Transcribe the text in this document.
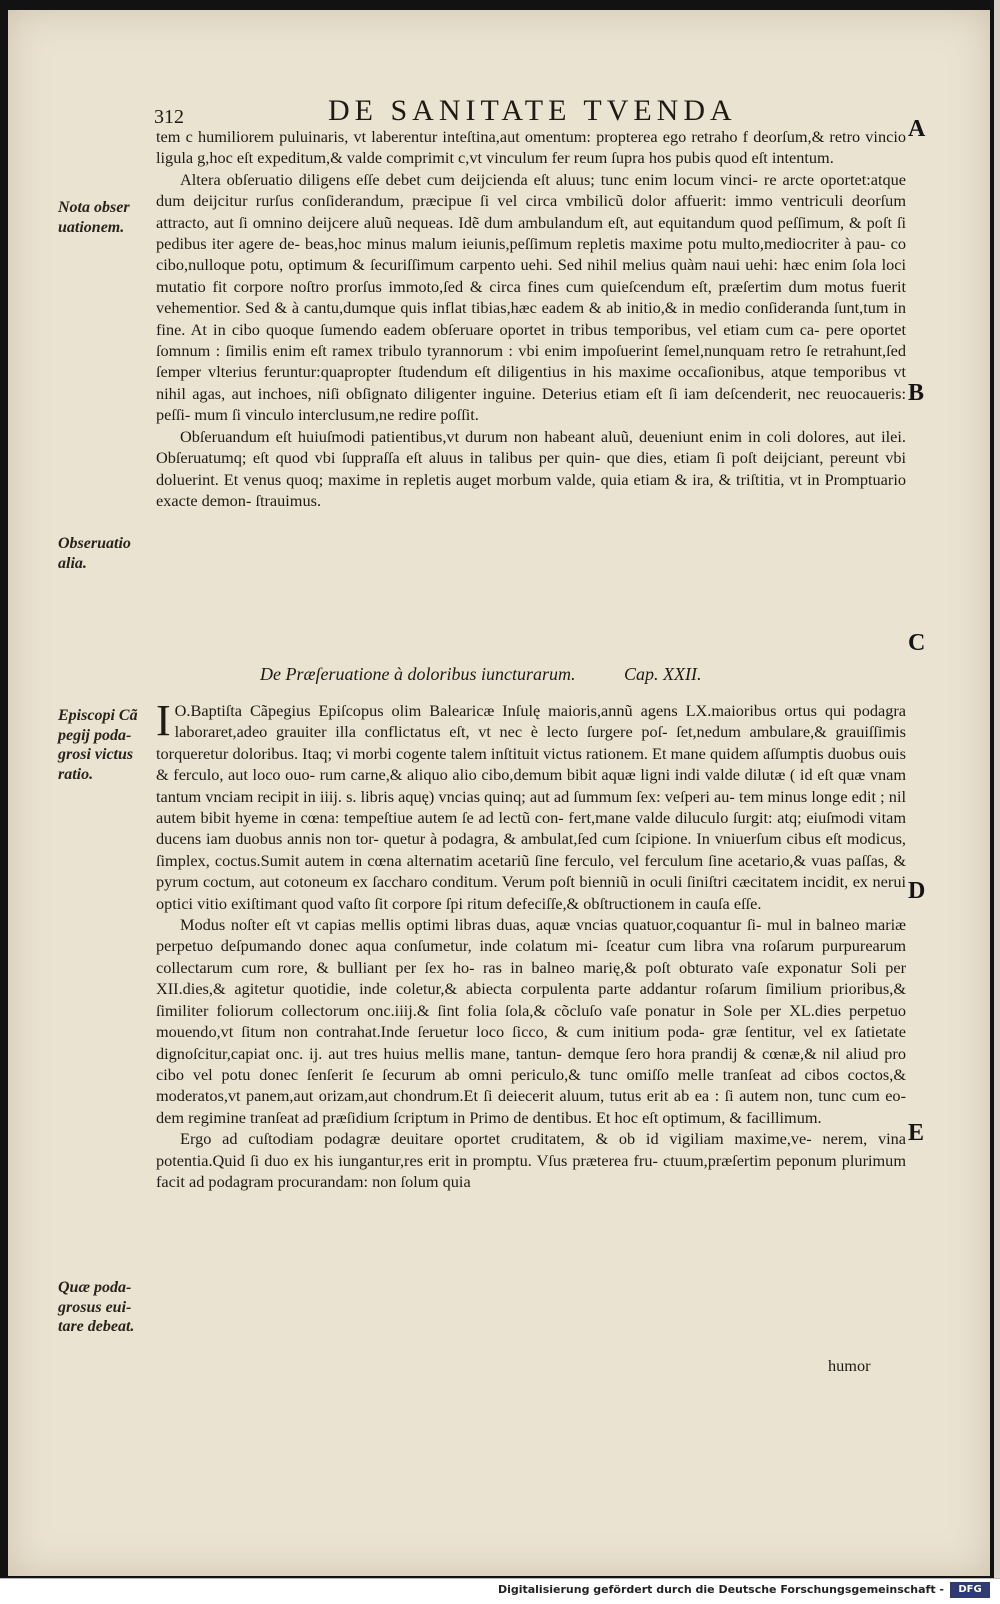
312	DE SANITATE TVENDA
A
B
C
D
E
Nota obser uationem.
Obseruatio alia.
Episcopi Cã pegij poda- grosi victus ratio.
Quæ poda- grosus eui- tare debeat.

tem c humiliorem puluinaris, vt laberentur inteſtina,aut omentum: propterea ego retraho f deorſum,& retro vincio ligula g,hoc eſt expeditum,& valde comprimit c,vt vinculum fer reum ſupra hos pubis quod eſt intentum.

Altera obſeruatio diligens eſſe debet cum deijcienda eſt aluus; tunc enim locum vinci- re arcte oportet:atque dum deijcitur rurſus conſiderandum, præcipue ſi vel circa vmbilicũ dolor affuerit: immo ventriculi deorſum attracto, aut ſi omnino deijcere aluũ nequeas. Idẽ dum ambulandum eſt, aut equitandum quod peſſimum, & poſt ſi pedibus iter agere de- beas,hoc minus malum ieiunis,peſſimum repletis maxime potu multo,mediocriter à pau- co cibo,nulloque potu, optimum & ſecuriſſimum carpento uehi. Sed nihil melius quàm naui uehi: hæc enim ſola loci mutatio fit corpore noſtro prorſus immoto,ſed & circa fines cum quieſcendum eſt, præſertim dum motus fuerit vehementior. Sed & à cantu,dumque quis inflat tibias,hæc eadem & ab initio,& in medio conſideranda ſunt,tum in fine. At in cibo quoque ſumendo eadem obſeruare oportet in tribus temporibus, vel etiam cum ca- pere oportet ſomnum : ſimilis enim eſt ramex tribulo tyrannorum : vbi enim impoſuerint ſemel,nunquam retro ſe retrahunt,ſed ſemper vlterius feruntur:quapropter ſtudendum eſt diligentius in his maxime occaſionibus, atque temporibus vt nihil agas, aut inchoes, niſi obſignato diligenter inguine. Deterius etiam eſt ſi iam deſcenderit, nec reuocaueris: peſſi- mum ſi vinculo interclusum,ne redire poſſit.

Obſeruandum eſt huiuſmodi patientibus,vt durum non habeant aluũ, deueniunt enim in coli dolores, aut ilei. Obſeruatumq; eſt quod vbi ſuppraſſa eſt aluus in talibus per quin- que dies, etiam ſi poſt deijciant, pereunt vbi doluerint. Et venus quoq; maxime in repletis auget morbum valde, quia etiam & ira, & triſtitia, vt in Promptuario exacte demon- ſtrauimus.

De Præſeruatione à doloribus iuncturarum.	Cap. XXII.

IO.Baptiſta Cãpegius Epiſcopus olim Balearicæ Inſulę maioris,annũ agens LX.maioribus ortus qui podagra laboraret,adeo grauiter illa conflictatus eſt, vt nec è lecto ſurgere poſ- ſet,nedum ambulare,& grauiſſimis torqueretur doloribus. Itaq; vi morbi cogente talem inſtituit victus rationem. Et mane quidem aſſumptis duobus ouis & ferculo, aut loco ouo- rum carne,& aliquo alio cibo,demum bibit aquæ ligni indi valde dilutæ ( id eſt quæ vnam tantum vnciam recipit in iiij. s. libris aquę) vncias quinq; aut ad ſummum ſex: veſperi au- tem minus longe edit ; nil autem bibit hyeme in cœna: tempeſtiue autem ſe ad lectũ con- fert,mane valde diluculo ſurgit: atq; eiuſmodi vitam ducens iam duobus annis non tor- quetur à podagra, & ambulat,ſed cum ſcipione. In vniuerſum cibus eſt modicus, ſimplex, coctus.Sumit autem in cœna alternatim acetariũ ſine ferculo, vel ferculum ſine acetario,& vuas paſſas, & pyrum coctum, aut cotoneum ex ſaccharo conditum. Verum poſt bienniũ in oculi ſiniſtri cæcitatem incidit, ex nerui optici vitio exiſtimant quod vaſto ſit corpore ſpi ritum defeciſſe,& obſtructionem in cauſa eſſe.

Modus noſter eſt vt capias mellis optimi libras duas, aquæ vncias quatuor,coquantur ſi- mul in balneo mariæ perpetuo deſpumando donec aqua conſumetur, inde colatum mi- ſceatur cum libra vna roſarum purpurearum collectarum cum rore, & bulliant per ſex ho- ras in balneo marię,& poſt obturato vaſe exponatur Soli per XII.dies,& agitetur quotidie, inde coletur,& abiecta corpulenta parte addantur roſarum ſimilium prioribus,& ſimiliter foliorum collectorum onc.iiij.& ſint folia ſola,& cõcluſo vaſe ponatur in Sole per XL.dies perpetuo mouendo,vt ſitum non contrahat.Inde ſeruetur loco ſicco, & cum initium poda- græ ſentitur, vel ex ſatietate dignoſcitur,capiat onc. ij. aut tres huius mellis mane, tantun- demque ſero hora prandij & cœnæ,& nil aliud pro cibo vel potu donec ſenſerit ſe ſecurum ab omni periculo,& tunc omiſſo melle tranſeat ad cibos coctos,& moderatos,vt panem,aut orizam,aut chondrum.Et ſi deiecerit aluum, tutus erit ab ea : ſi autem non, tunc cum eo- dem regimine tranſeat ad præſidium ſcriptum in Primo de dentibus. Et hoc eſt optimum, & facillimum.

Ergo ad cuſtodiam podagræ deuitare oportet cruditatem, & ob id vigiliam maxime,ve- nerem, vina potentia.Quid ſi duo ex his iungantur,res erit in promptu. Vſus præterea fru- ctuum,præſertim peponum plurimum facit ad podagram procurandam: non ſolum quia

humor
Digitalisierung gefördert durch die Deutsche Forschungsgemeinschaft -	DFG
